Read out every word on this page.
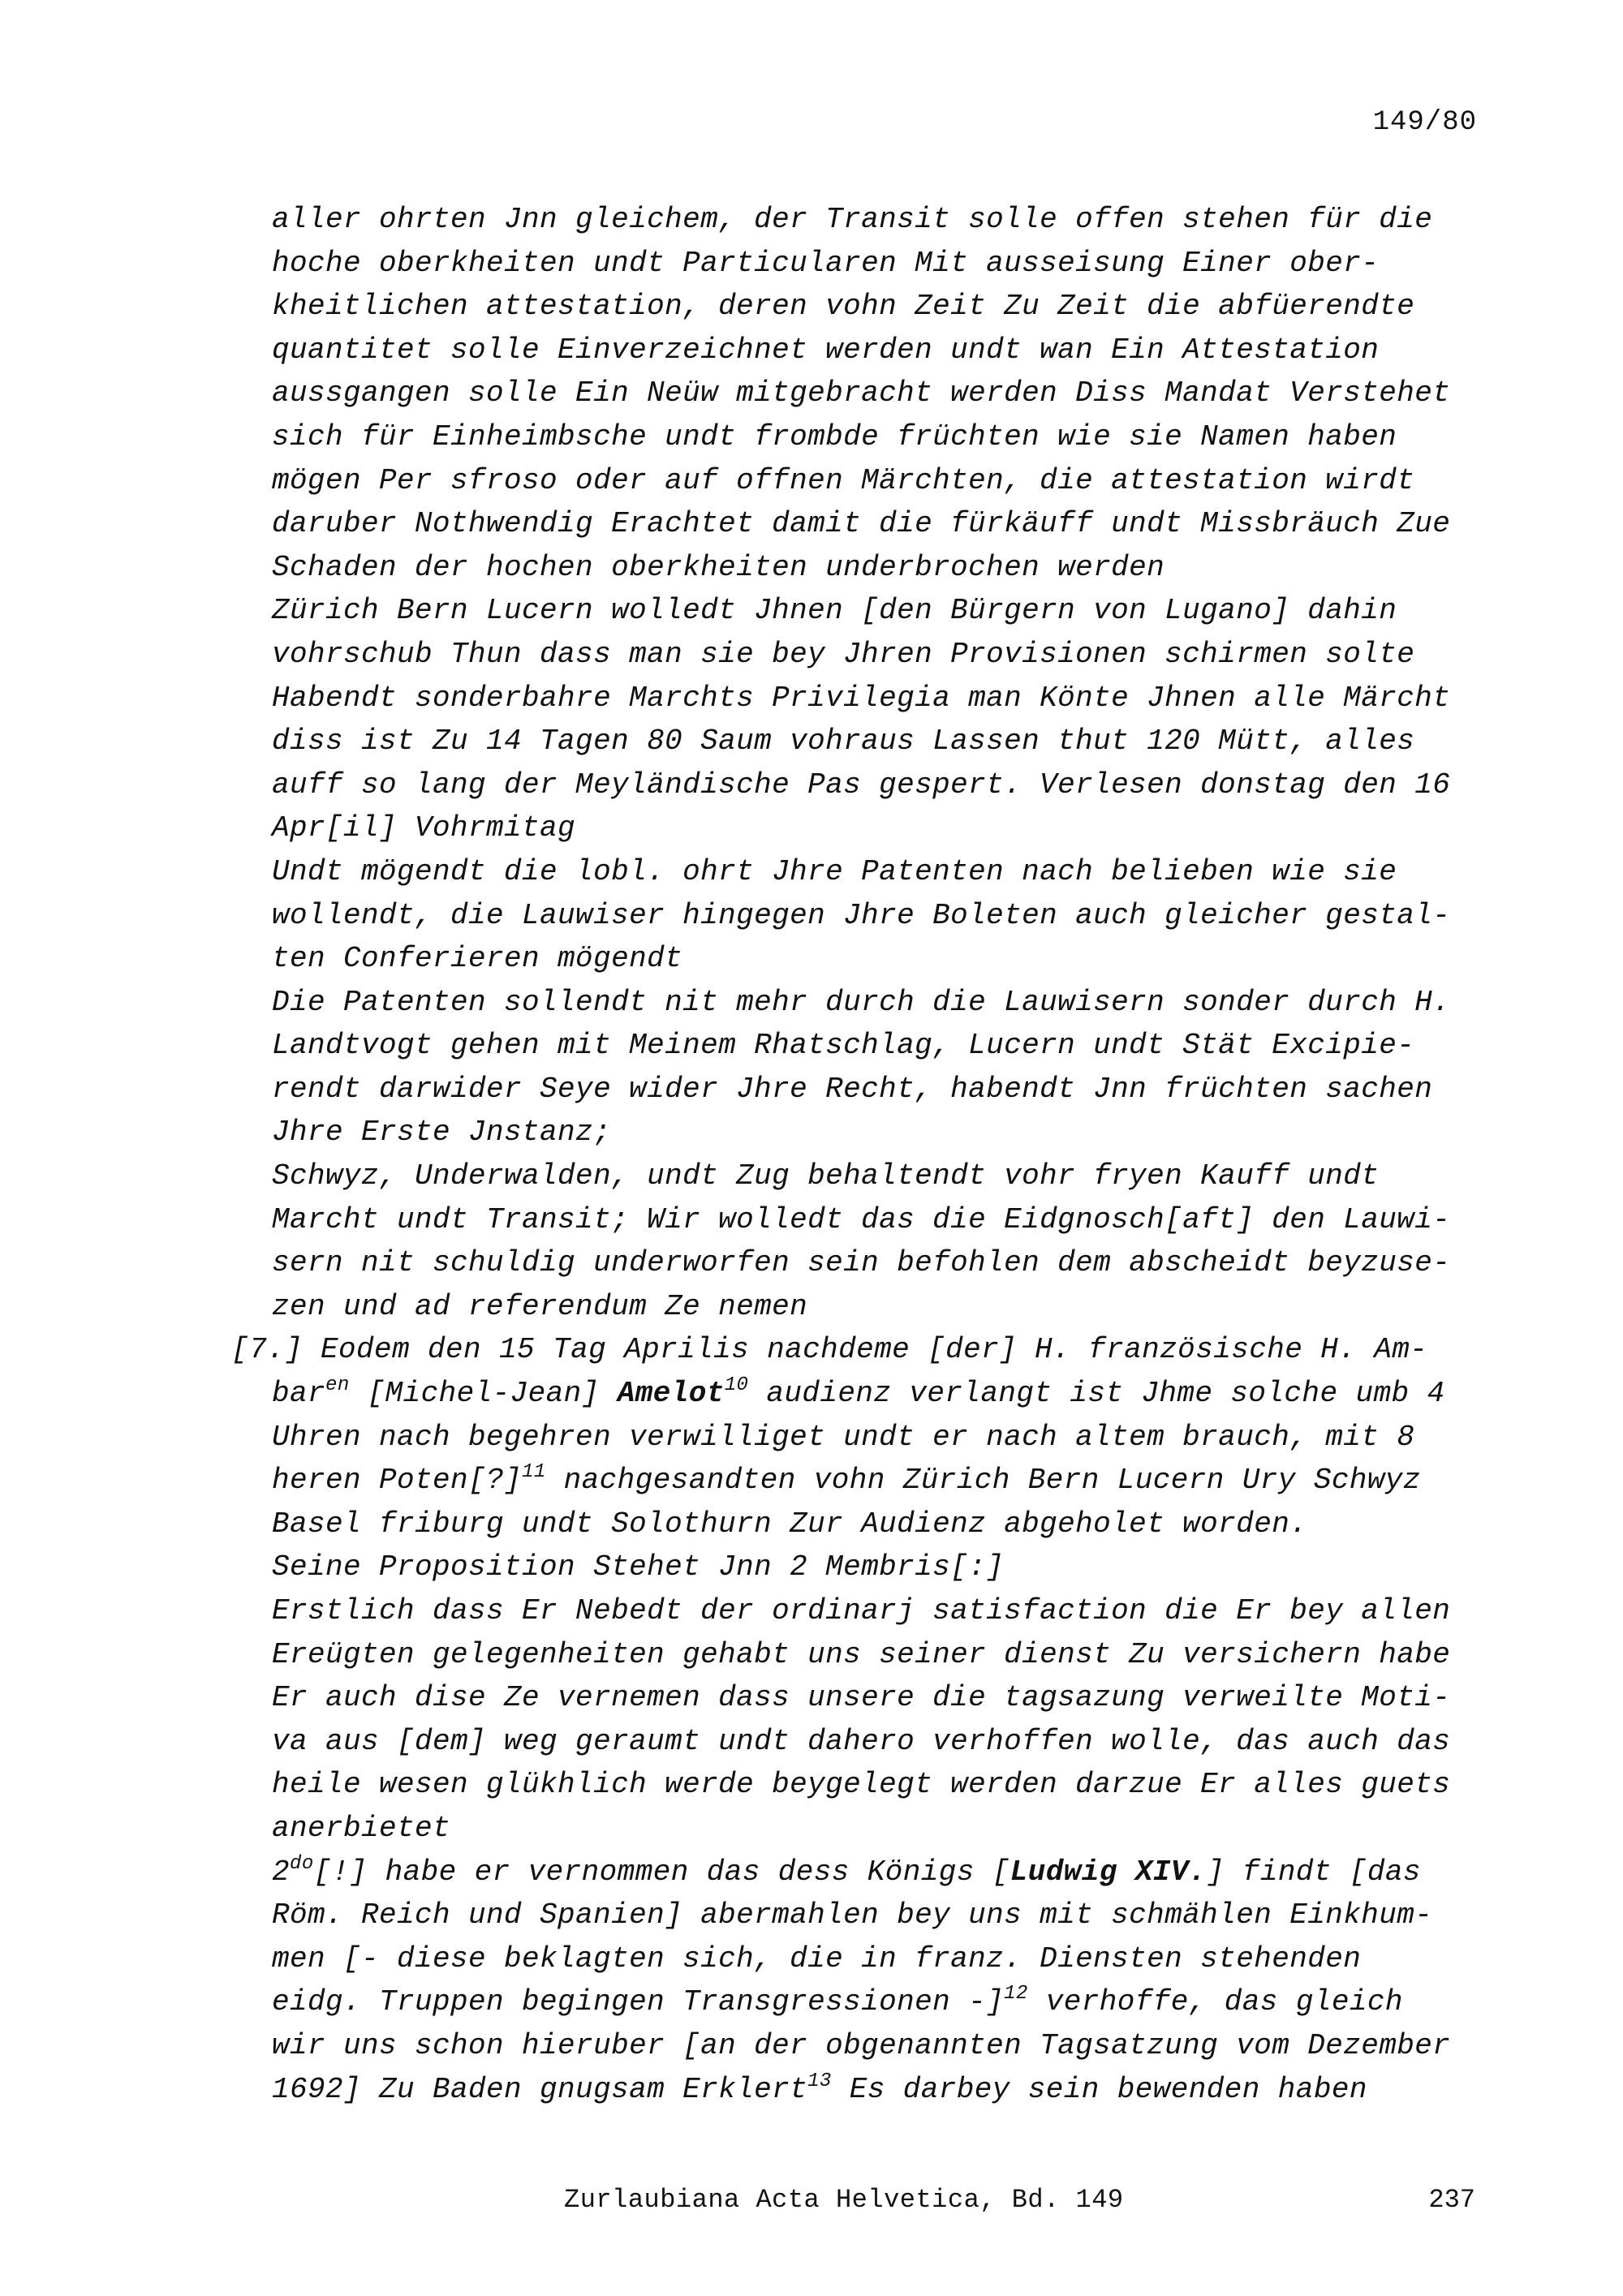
149/80
aller ohrten Jnn gleichem, der Transit solle offen stehen für die
hoche oberkheiten undt Particularen Mit ausseisung Einer ober-
kheitlichen attestation, deren vohn Zeit Zu Zeit die abfüerendte
quantitet solle Einverzeichnet werden undt wan Ein Attestation
aussgangen solle Ein Neüw mitgebracht werden Diss Mandat Verstehet
sich für Einheimbsche undt frombde früchten wie sie Namen haben
mögen Per sfroso oder auf offnen Märchten, die attestation wirdt
daruber Nothwendig Erachtet damit die fürkäuff undt Missbräuch Zue
Schaden der hochen oberkheiten underbrochen werden
Zürich Bern Lucern wolledt Jhnen [den Bürgern von Lugano] dahin
vohrschub Thun dass man sie bey Jhren Provisionen schirmen solte
Habendt sonderbahre Marchts Privilegia man Könte Jhnen alle Märcht
diss ist Zu 14 Tagen 80 Saum vohraus Lassen thut 120 Mütt, alles
auff so lang der Meyländische Pas gespert. Verlesen donstag den 16
Apr[il] Vohrmitag
Undt mögendt die lobl. ohrt Jhre Patenten nach belieben wie sie
wollendt, die Lauwiser hingegen Jhre Boleten auch gleicher gestal-
ten Conferieren mögendt
Die Patenten sollendt nit mehr durch die Lauwisern sonder durch H.
Landtvogt gehen mit Meinem Rhatschlag, Lucern undt Stät Excipie-
rendt darwider Seye wider Jhre Recht, habendt Jnn früchten sachen
Jhre Erste Jnstanz;
Schwyz, Underwalden, undt Zug behaltendt vohr fryen Kauff undt
Marcht undt Transit; Wir wolledt das die Eidgnosch[aft] den Lauwi-
sern nit schuldig underworfen sein befohlen dem abscheidt beyzuse-
zen und ad referendum Ze nemen
[7.] Eodem den 15 Tag Aprilis nachdeme [der] H. französische H. Am-
bar$^{en}$ [Michel-Jean] Amelot$^{10}$ audienz verlangt ist Jhme solche umb 4
Uhren nach begehren verwilliget undt er nach altem brauch, mit 8
heren Poten[?]$^{11}$ nachgesandten vohn Zürich Bern Lucern Ury Schwyz
Basel friburg undt Solothurn Zur Audienz abgeholet worden.
Seine Proposition Stehet Jnn 2 Membris[:]
Erstlich dass Er Nebedt der ordinarj satisfaction die Er bey allen
Ereügten gelegenheiten gehabt uns seiner dienst Zu versichern habe
Er auch dise Ze vernemen dass unsere die tagsazung verweilte Moti-
va aus [dem] weg geraumt undt dahero verhoffen wolle, das auch das
heile wesen glükhlich werde beygelegt werden darzue Er alles guets
anerbietet
$2^{do}[!]$ habe er vernommen das dess Königs [Ludwig XIV.] findt [das
Röm. Reich und Spanien] abermahlen bey uns mit schmählen Einkhum-
men [- diese beklagten sich, die in franz. Diensten stehenden
eidg. Truppen begingen Transgressionen -]$^{12}$ verhoffe, das gleich
wir uns schon hieruber [an der obgenannten Tagsatzung vom Dezember
1692] Zu Baden gnugsam Erklert$^{13}$ Es darbey sein bewenden haben
Zurlaubiana Acta Helvetica, Bd. 149	237
